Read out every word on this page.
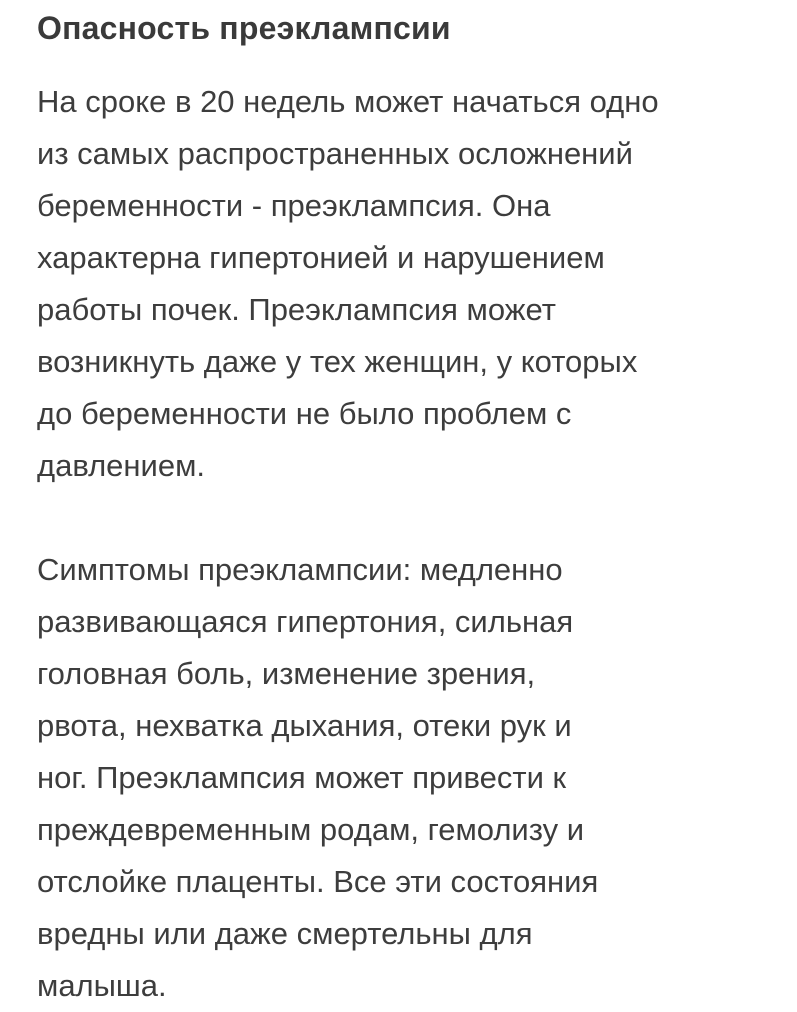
Опасность преэклампсии

На сроке в 20 недель может начаться одно
из самых распространенных осложнений
беременности - преэклампсия. Она
характерна гипертонией и нарушением
работы почек. Преэклампсия может
возникнуть даже у тех женщин, у которых
до беременности не было проблем с
давлением.

Симптомы преэклампсии: медленно
развивающаяся гипертония, сильная
головная боль, изменение зрения,
рвота, нехватка дыхания, отеки рук и
ног. Преэклампсия может привести к
преждевременным родам, гемолизу и
отслойке плаценты. Все эти состояния
вредны или даже смертельны для
малыша.
